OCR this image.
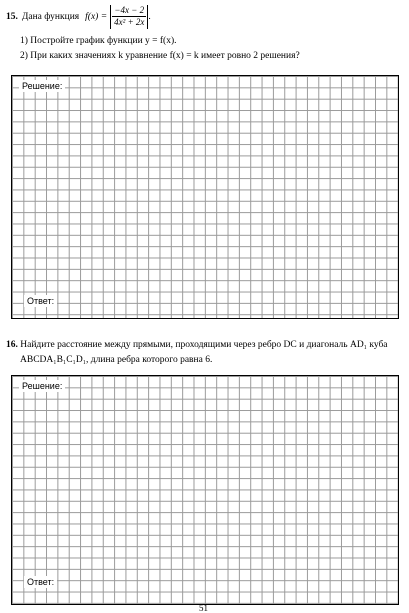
15. Дана функция $f(x) = \frac{-4x - 2}{\text{4x² + 2x}}$ .
1) Постройте график функции y = f(x).
2) При каких значениях k уравнение f(x) = k имеет ровно 2 решения?
Решение:
Ответ:
16. Найдите расстояние между прямыми, проходящими через ребро DC и диагональ AD₁ куба
ABCDA₁B₁C₁D₁, длина ребра которого равна 6.
Решение:
Ответ:
51
